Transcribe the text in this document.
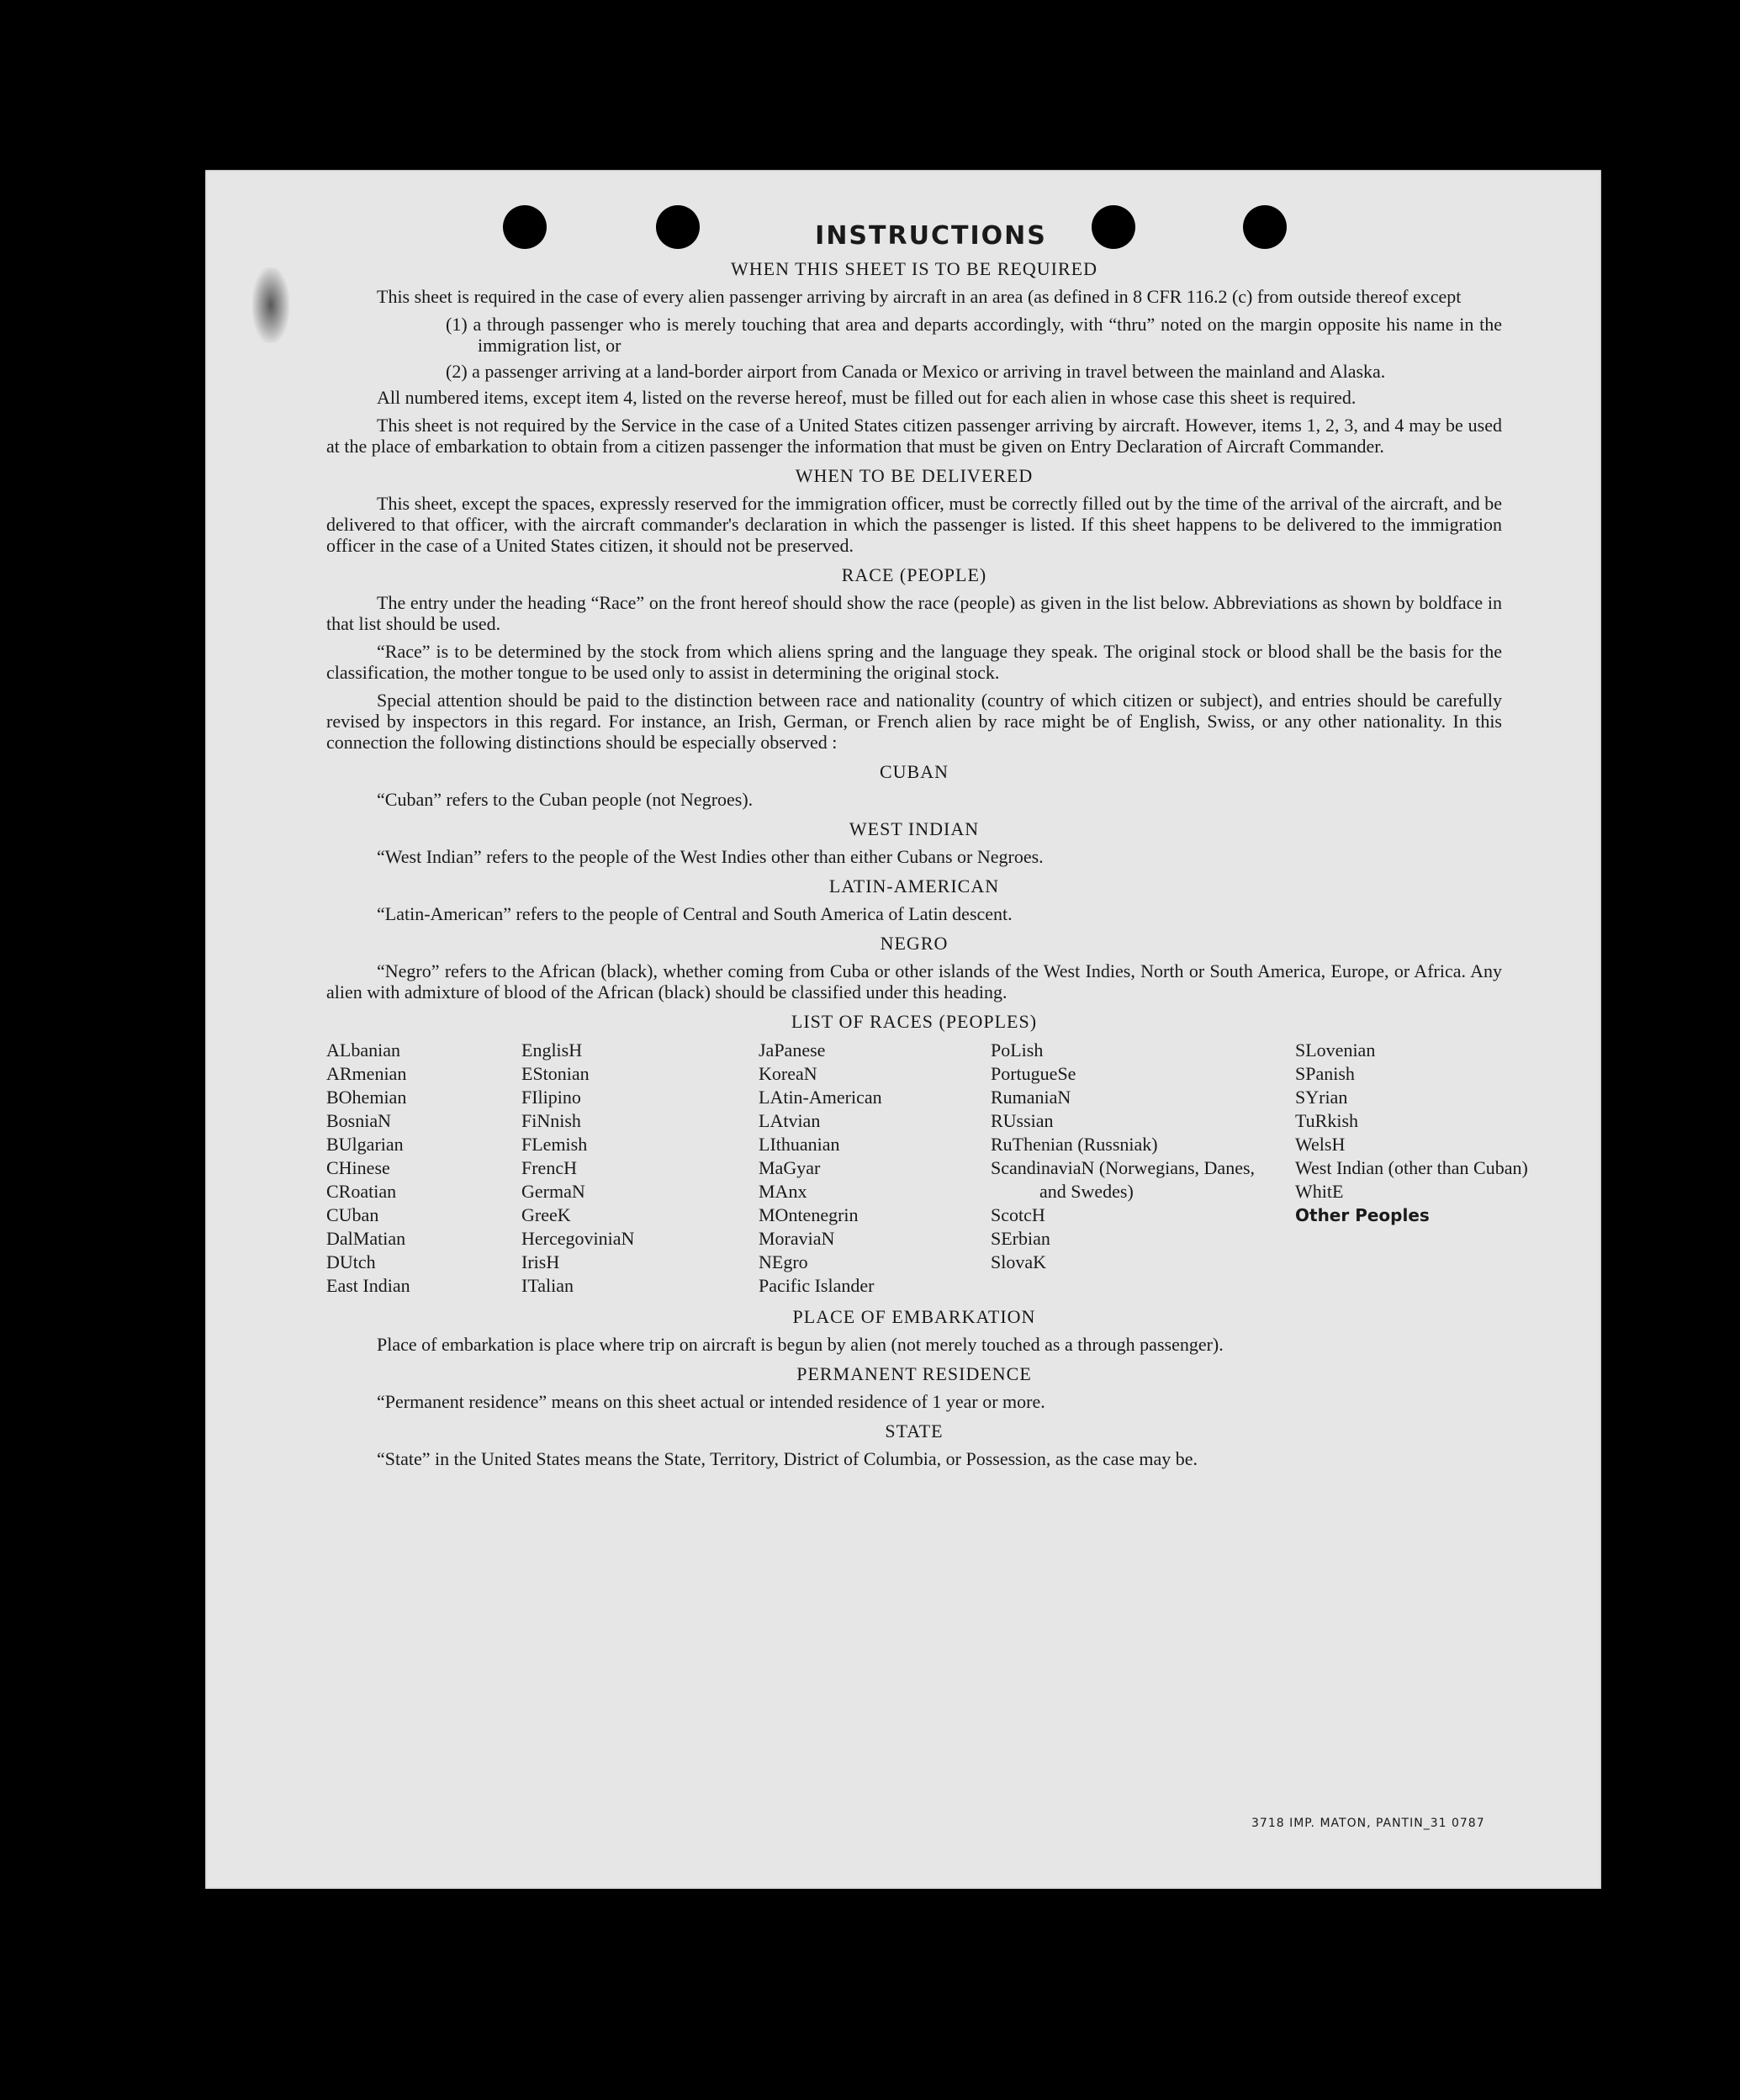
INSTRUCTIONS
WHEN THIS SHEET IS TO BE REQUIRED

This sheet is required in the case of every alien passenger arriving by aircraft in an area (as defined in 8 CFR 116.2 (c) from outside thereof except

(1) a through passenger who is merely touching that area and departs accordingly, with “thru” noted on the margin opposite his name in the immigration list, or

(2) a passenger arriving at a land-border airport from Canada or Mexico or arriving in travel between the mainland and Alaska.

All numbered items, except item 4, listed on the reverse hereof, must be filled out for each alien in whose case this sheet is required.

This sheet is not required by the Service in the case of a United States citizen passenger arriving by aircraft. However, items 1, 2, 3, and 4 may be used at the place of embarkation to obtain from a citizen passenger the information that must be given on Entry Declaration of Aircraft Commander.

WHEN TO BE DELIVERED

This sheet, except the spaces, expressly reserved for the immigration officer, must be correctly filled out by the time of the arrival of the aircraft, and be delivered to that officer, with the aircraft commander's declaration in which the passenger is listed. If this sheet happens to be delivered to the immigration officer in the case of a United States citizen, it should not be preserved.

RACE (PEOPLE)

The entry under the heading “Race” on the front hereof should show the race (people) as given in the list below. Abbreviations as shown by boldface in that list should be used.

“Race” is to be determined by the stock from which aliens spring and the language they speak. The original stock or blood shall be the basis for the classification, the mother tongue to be used only to assist in determining the original stock.

Special attention should be paid to the distinction between race and nationality (country of which citizen or subject), and entries should be carefully revised by inspectors in this regard. For instance, an Irish, German, or French alien by race might be of English, Swiss, or any other nationality. In this connection the following distinctions should be especially observed :

CUBAN

“Cuban” refers to the Cuban people (not Negroes).

WEST INDIAN

“West Indian” refers to the people of the West Indies other than either Cubans or Negroes.

LATIN-AMERICAN

“Latin-American” refers to the people of Central and South America of Latin descent.

NEGRO

“Negro” refers to the African (black), whether coming from Cuba or other islands of the West Indies, North or South America, Europe, or Africa. Any alien with admixture of blood of the African (black) should be classified under this heading.

LIST OF RACES (PEOPLES)
ALbanian
ARmenian
BOhemian
BosniaN
BUlgarian
CHinese
CRoatian
CUban
DalMatian
DUtch
East Indian
EnglisH
EStonian
FIlipino
FiNnish
FLemish
FrencH
GermaN
GreeK
HercegoviniaN
IrisH
ITalian
JaPanese
KoreaN
LAtin-American
LAtvian
LIthuanian
MaGyar
MAnx
MOntenegrin
MoraviaN
NEgro
Pacific Islander
PoLish
PortugueSe
RumaniaN
RUssian
RuThenian (Russniak)
ScandinaviaN (Norwegians, Danes, and Swedes)
ScotcH
SErbian
SlovaK
SLovenian
SPanish
SYrian
TuRkish
WelsH
West Indian (other than Cuban)
WhitE
Other Peoples
PLACE OF EMBARKATION

Place of embarkation is place where trip on aircraft is begun by alien (not merely touched as a through passenger).

PERMANENT RESIDENCE

“Permanent residence” means on this sheet actual or intended residence of 1 year or more.

STATE

“State” in the United States means the State, Territory, District of Columbia, or Possession, as the case may be.

3718 IMP. MATON, PANTIN_31 0787
